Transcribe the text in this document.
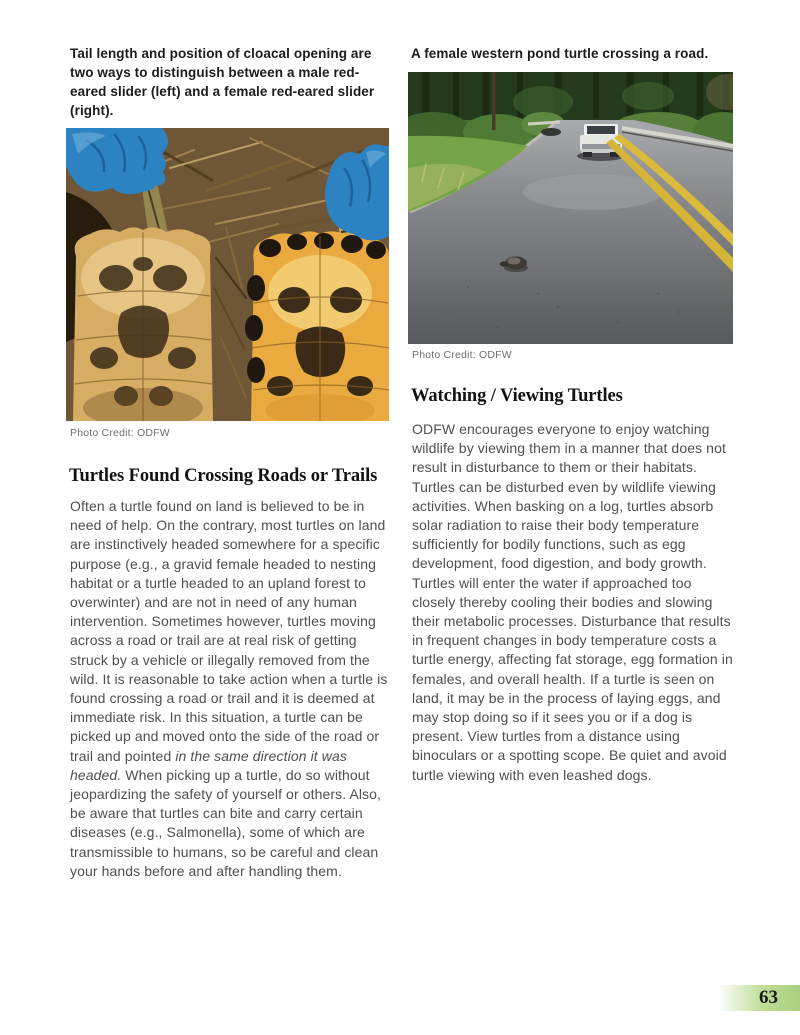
Tail length and position of cloacal opening are two ways to distinguish between a male red-eared slider (left) and a female red-eared slider (right).
Photo Credit: ODFW
Turtles Found Crossing Roads or Trails
Often a turtle found on land is believed to be in need of help. On the contrary, most turtles on land are instinctively headed somewhere for a specific purpose (e.g., a gravid female headed to nesting habitat or a turtle headed to an upland forest to overwinter) and are not in need of any human intervention. Sometimes however, turtles moving across a road or trail are at real risk of getting struck by a vehicle or illegally removed from the wild. It is reasonable to take action when a turtle is found crossing a road or trail and it is deemed at immediate risk. In this situation, a turtle can be picked up and moved onto the side of the road or trail and pointed in the same direction it was headed. When picking up a turtle, do so without jeopardizing the safety of yourself or others. Also, be aware that turtles can bite and carry certain diseases (e.g., Salmonella), some of which are transmissible to humans, so be careful and clean your hands before and after handling them.
A female western pond turtle crossing a road.
Photo Credit: ODFW
Watching / Viewing Turtles
ODFW encourages everyone to enjoy watching wildlife by viewing them in a manner that does not result in disturbance to them or their habitats. Turtles can be disturbed even by wildlife viewing activities. When basking on a log, turtles absorb solar radiation to raise their body temperature sufficiently for bodily functions, such as egg development, food digestion, and body growth. Turtles will enter the water if approached too closely thereby cooling their bodies and slowing their metabolic processes. Disturbance that results in frequent changes in body temperature costs a turtle energy, affecting fat storage, egg formation in females, and overall health. If a turtle is seen on land, it may be in the process of laying eggs, and may stop doing so if it sees you or if a dog is present. View turtles from a distance using binoculars or a spotting scope. Be quiet and avoid turtle viewing with even leashed dogs.
63
